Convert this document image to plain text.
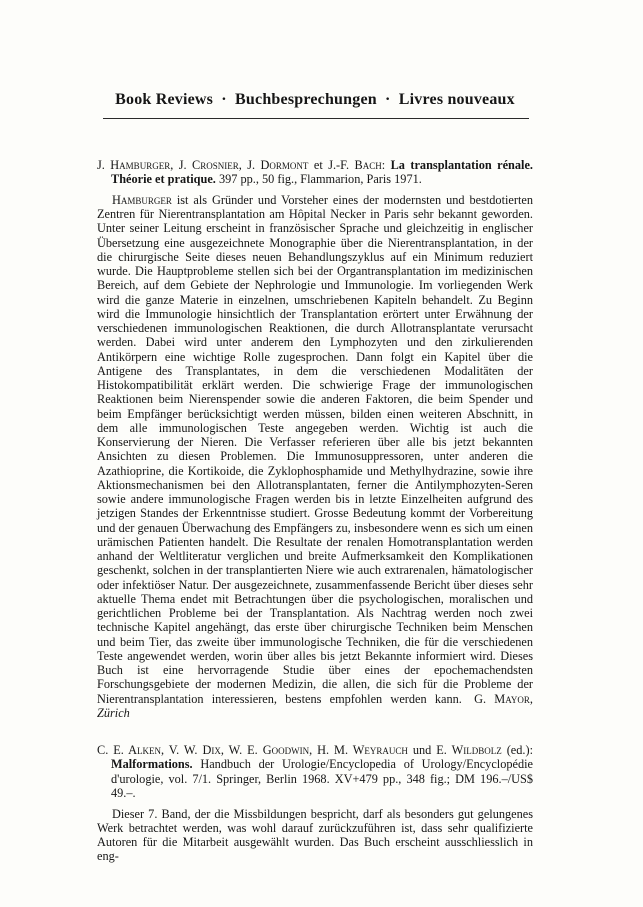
Book Reviews · Buchbesprechungen · Livres nouveaux

J. Hamburger, J. Crosnier, J. Dormont et J.-F. Bach: La transplantation rénale. Théorie et pratique. 397 pp., 50 fig., Flammarion, Paris 1971.

Hamburger ist als Gründer und Vorsteher eines der modernsten und bestdotierten Zentren für Nierentransplantation am Hôpital Necker in Paris sehr bekannt geworden. Unter seiner Leitung erscheint in französischer Sprache und gleichzeitig in englischer Übersetzung eine ausgezeichnete Monographie über die Nierentransplantation, in der die chirurgische Seite dieses neuen Behandlungszyklus auf ein Minimum reduziert wurde. Die Hauptprobleme stellen sich bei der Organtransplantation im medizinischen Bereich, auf dem Gebiete der Nephrologie und Immunologie. Im vorliegenden Werk wird die ganze Materie in einzelnen, umschriebenen Kapiteln behandelt. Zu Beginn wird die Immunologie hinsichtlich der Transplantation erörtert unter Erwähnung der verschiedenen immunologischen Reaktionen, die durch Allotransplantate verursacht werden. Dabei wird unter anderem den Lymphozyten und den zirkulierenden Antikörpern eine wichtige Rolle zugesprochen. Dann folgt ein Kapitel über die Antigene des Transplantates, in dem die verschiedenen Modalitäten der Histokompatibilität erklärt werden. Die schwierige Frage der immunologischen Reaktionen beim Nierenspender sowie die anderen Faktoren, die beim Spender und beim Empfänger berücksichtigt werden müssen, bilden einen weiteren Abschnitt, in dem alle immunologischen Teste angegeben werden. Wichtig ist auch die Konservierung der Nieren. Die Verfasser referieren über alle bis jetzt bekannten Ansichten zu diesen Problemen. Die Immunosuppressoren, unter anderen die Azathioprine, die Kortikoide, die Zyklophosphamide und Methylhydrazine, sowie ihre Aktionsmechanismen bei den Allotransplantaten, ferner die Antilymphozyten-Seren sowie andere immunologische Fragen werden bis in letzte Einzelheiten aufgrund des jetzigen Standes der Erkenntnisse studiert. Grosse Bedeutung kommt der Vorbereitung und der genauen Überwachung des Empfängers zu, insbesondere wenn es sich um einen urämischen Patienten handelt. Die Resultate der renalen Homotransplantation werden anhand der Weltliteratur verglichen und breite Aufmerksamkeit den Komplikationen geschenkt, solchen in der transplantierten Niere wie auch extrarenalen, hämatologischer oder infektiöser Natur. Der ausgezeichnete, zusammenfassende Bericht über dieses sehr aktuelle Thema endet mit Betrachtungen über die psychologischen, moralischen und gerichtlichen Probleme bei der Transplantation. Als Nachtrag werden noch zwei technische Kapitel angehängt, das erste über chirurgische Techniken beim Menschen und beim Tier, das zweite über immunologische Techniken, die für die verschiedenen Teste angewendet werden, worin über alles bis jetzt Bekannte informiert wird. Dieses Buch ist eine hervorragende Studie über eines der epochemachendsten Forschungsgebiete der modernen Medizin, die allen, die sich für die Probleme der Nierentransplantation interessieren, bestens empfohlen werden kann.  G. Mayor, Zürich

C. E. Alken, V. W. Dix, W. E. Goodwin, H. M. Weyrauch und E. Wildbolz (ed.): Malformations. Handbuch der Urologie/Encyclopedia of Urology/Encyclopédie d'urologie, vol. 7/1. Springer, Berlin 1968. XV+479 pp., 348 fig.; DM 196.–/US$ 49.–.

Dieser 7. Band, der die Missbildungen bespricht, darf als besonders gut gelungenes Werk betrachtet werden, was wohl darauf zurückzuführen ist, dass sehr qualifizierte Autoren für die Mitarbeit ausgewählt wurden. Das Buch erscheint ausschliesslich in eng-
